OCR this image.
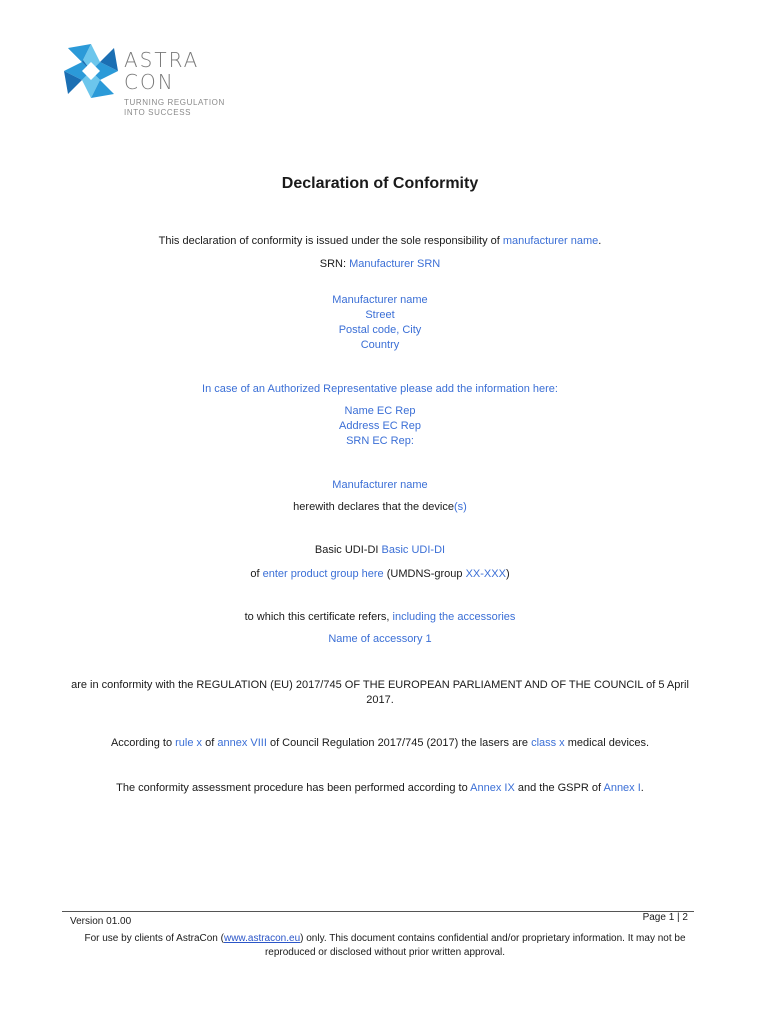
ASTRA
CON
TURNING REGULATION
INTO SUCCESS
Declaration of Conformity
This declaration of conformity is issued under the sole responsibility of manufacturer name.
SRN: Manufacturer SRN
Manufacturer name
Street
Postal code, City
Country
In case of an Authorized Representative please add the information here:
Name EC Rep
Address EC Rep
SRN EC Rep:
Manufacturer name
herewith declares that the device(s)
Basic UDI-DI Basic UDI-DI
of enter product group here (UMDNS-group XX-XXX)
to which this certificate refers, including the accessories
Name of accessory 1
are in conformity with the REGULATION (EU) 2017/745 OF THE EUROPEAN PARLIAMENT AND OF THE COUNCIL of 5 April 2017.
According to rule x of annex VIII of Council Regulation 2017/745 (2017) the lasers are class x medical devices.
The conformity assessment procedure has been performed according to Annex IX and the GSPR of Annex I.
Version 01.00	Page 1 | 2
For use by clients of AstraCon (www.astracon.eu) only. This document contains confidential and/or proprietary information. It may not be reproduced or disclosed without prior written approval.
